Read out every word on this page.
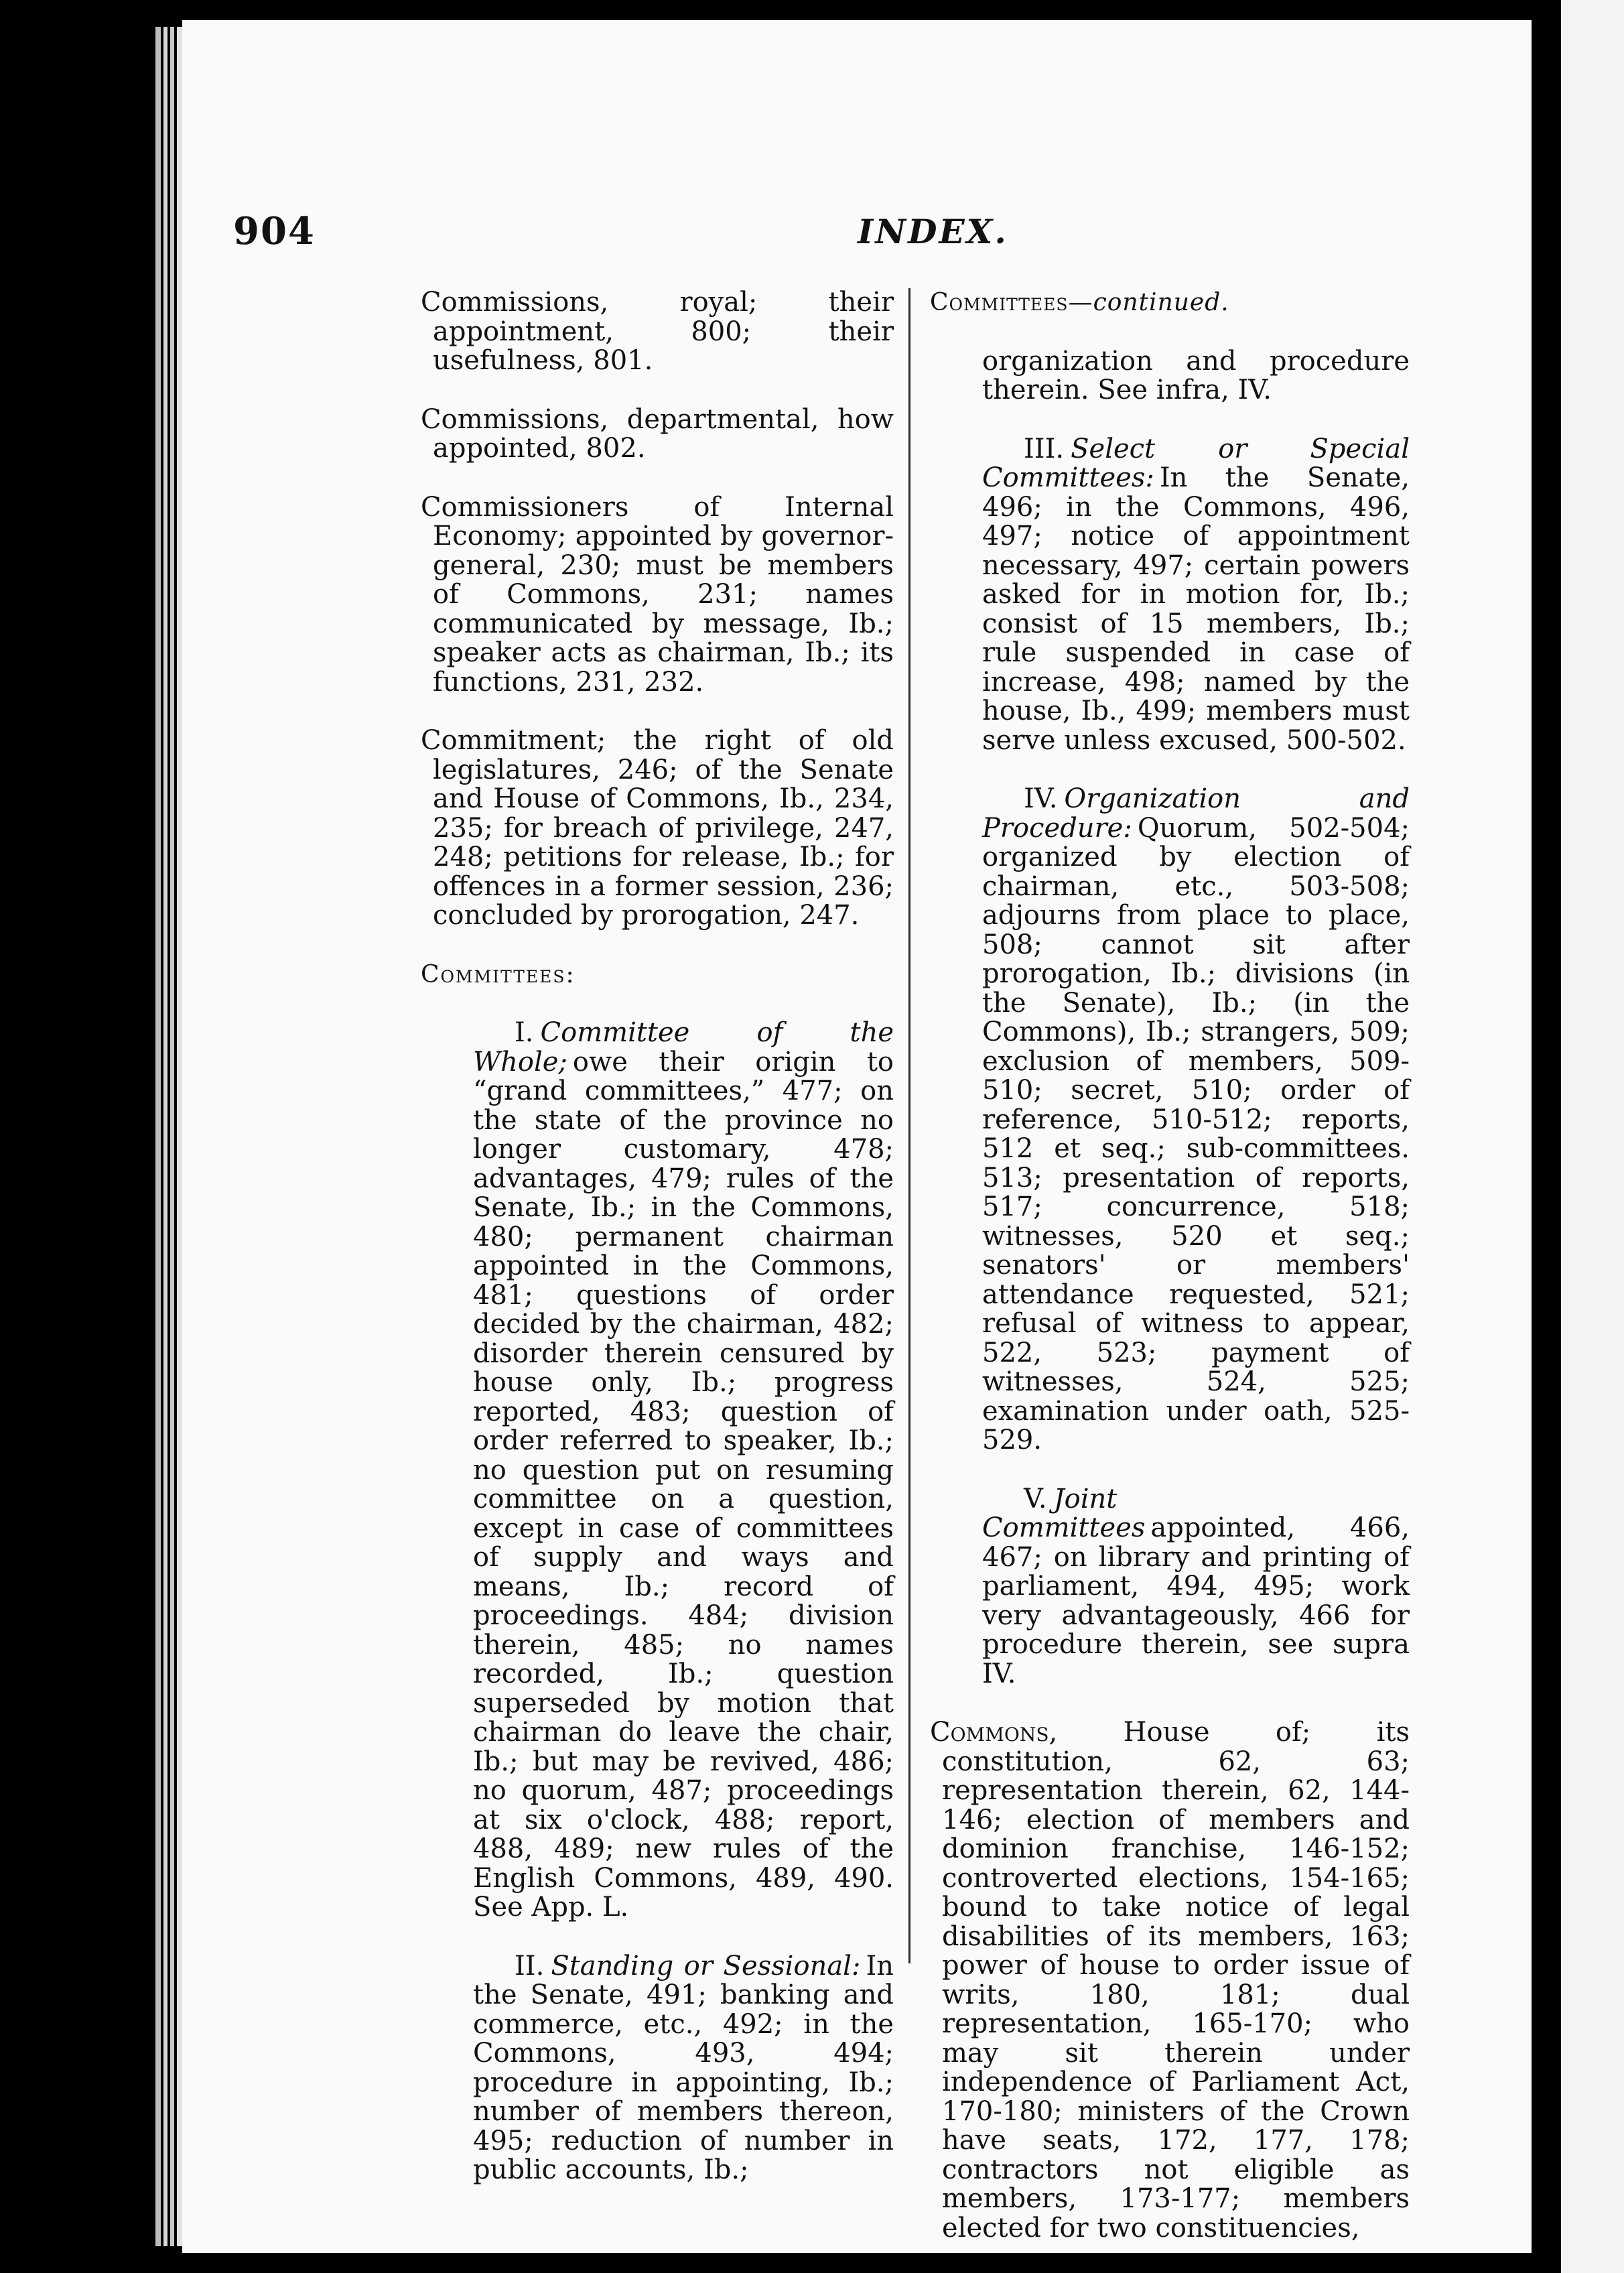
904	INDEX.

Commissions, royal; their appointment, 800; their usefulness, 801.

Commissions, departmental, how appointed, 802.

Commissioners of Internal Economy; appointed by governor-general, 230; must be members of Commons, 231; names communicated by message, Ib.; speaker acts as chairman, Ib.; its functions, 231, 232.

Commitment; the right of old legislatures, 246; of the Senate and House of Commons, Ib., 234, 235; for breach of privilege, 247, 248; petitions for release, Ib.; for offences in a former session, 236; concluded by prorogation, 247.

Committees:

I. Committee of the Whole; owe their origin to “grand committees,” 477; on the state of the province no longer customary, 478; advantages, 479; rules of the Senate, Ib.; in the Commons, 480; permanent chairman appointed in the Commons, 481; questions of order decided by the chairman, 482; disorder therein censured by house only, Ib.; progress reported, 483; question of order referred to speaker, Ib.; no question put on resuming committee on a question, except in case of committees of supply and ways and means, Ib.; record of proceedings. 484; division therein, 485; no names recorded, Ib.; question superseded by motion that chairman do leave the chair, Ib.; but may be revived, 486; no quorum, 487; proceedings at six o'clock, 488; report, 488, 489; new rules of the English Commons, 489, 490. See App. L.

II. Standing or Sessional: In the Senate, 491; banking and commerce, etc., 492; in the Commons, 493, 494; procedure in appointing, Ib.; number of members thereon, 495; reduction of number in public accounts, Ib.;

Committees—continued.

organization and procedure therein. See infra, IV.

III. Select or Special Committees: In the Senate, 496; in the Commons, 496, 497; notice of appointment necessary, 497; certain powers asked for in motion for, Ib.; consist of 15 members, Ib.; rule suspended in case of increase, 498; named by the house, Ib., 499; members must serve unless excused, 500-502.

IV. Organization and Procedure: Quorum, 502-504; organized by election of chairman, etc., 503-508; adjourns from place to place, 508; cannot sit after prorogation, Ib.; divisions (in the Senate), Ib.; (in the Commons), Ib.; strangers, 509; exclusion of members, 509-510; secret, 510; order of reference, 510-512; reports, 512 et seq.; sub-committees. 513; presentation of reports, 517; concurrence, 518; witnesses, 520 et seq.; senators' or members' attendance requested, 521; refusal of witness to appear, 522, 523; payment of witnesses, 524, 525; examination under oath, 525-529.

V. Joint Committees appointed, 466, 467; on library and printing of parliament, 494, 495; work very advantageously, 466 for procedure therein, see supra IV.

Commons, House of; its constitution, 62, 63; representation therein, 62, 144-146; election of members and dominion franchise, 146-152; controverted elections, 154-165; bound to take notice of legal disabilities of its members, 163; power of house to order issue of writs, 180, 181; dual representation, 165-170; who may sit therein under independence of Parliament Act, 170-180; ministers of the Crown have seats, 172, 177, 178; contractors not eligible as members, 173-177; members elected for two constituencies,
